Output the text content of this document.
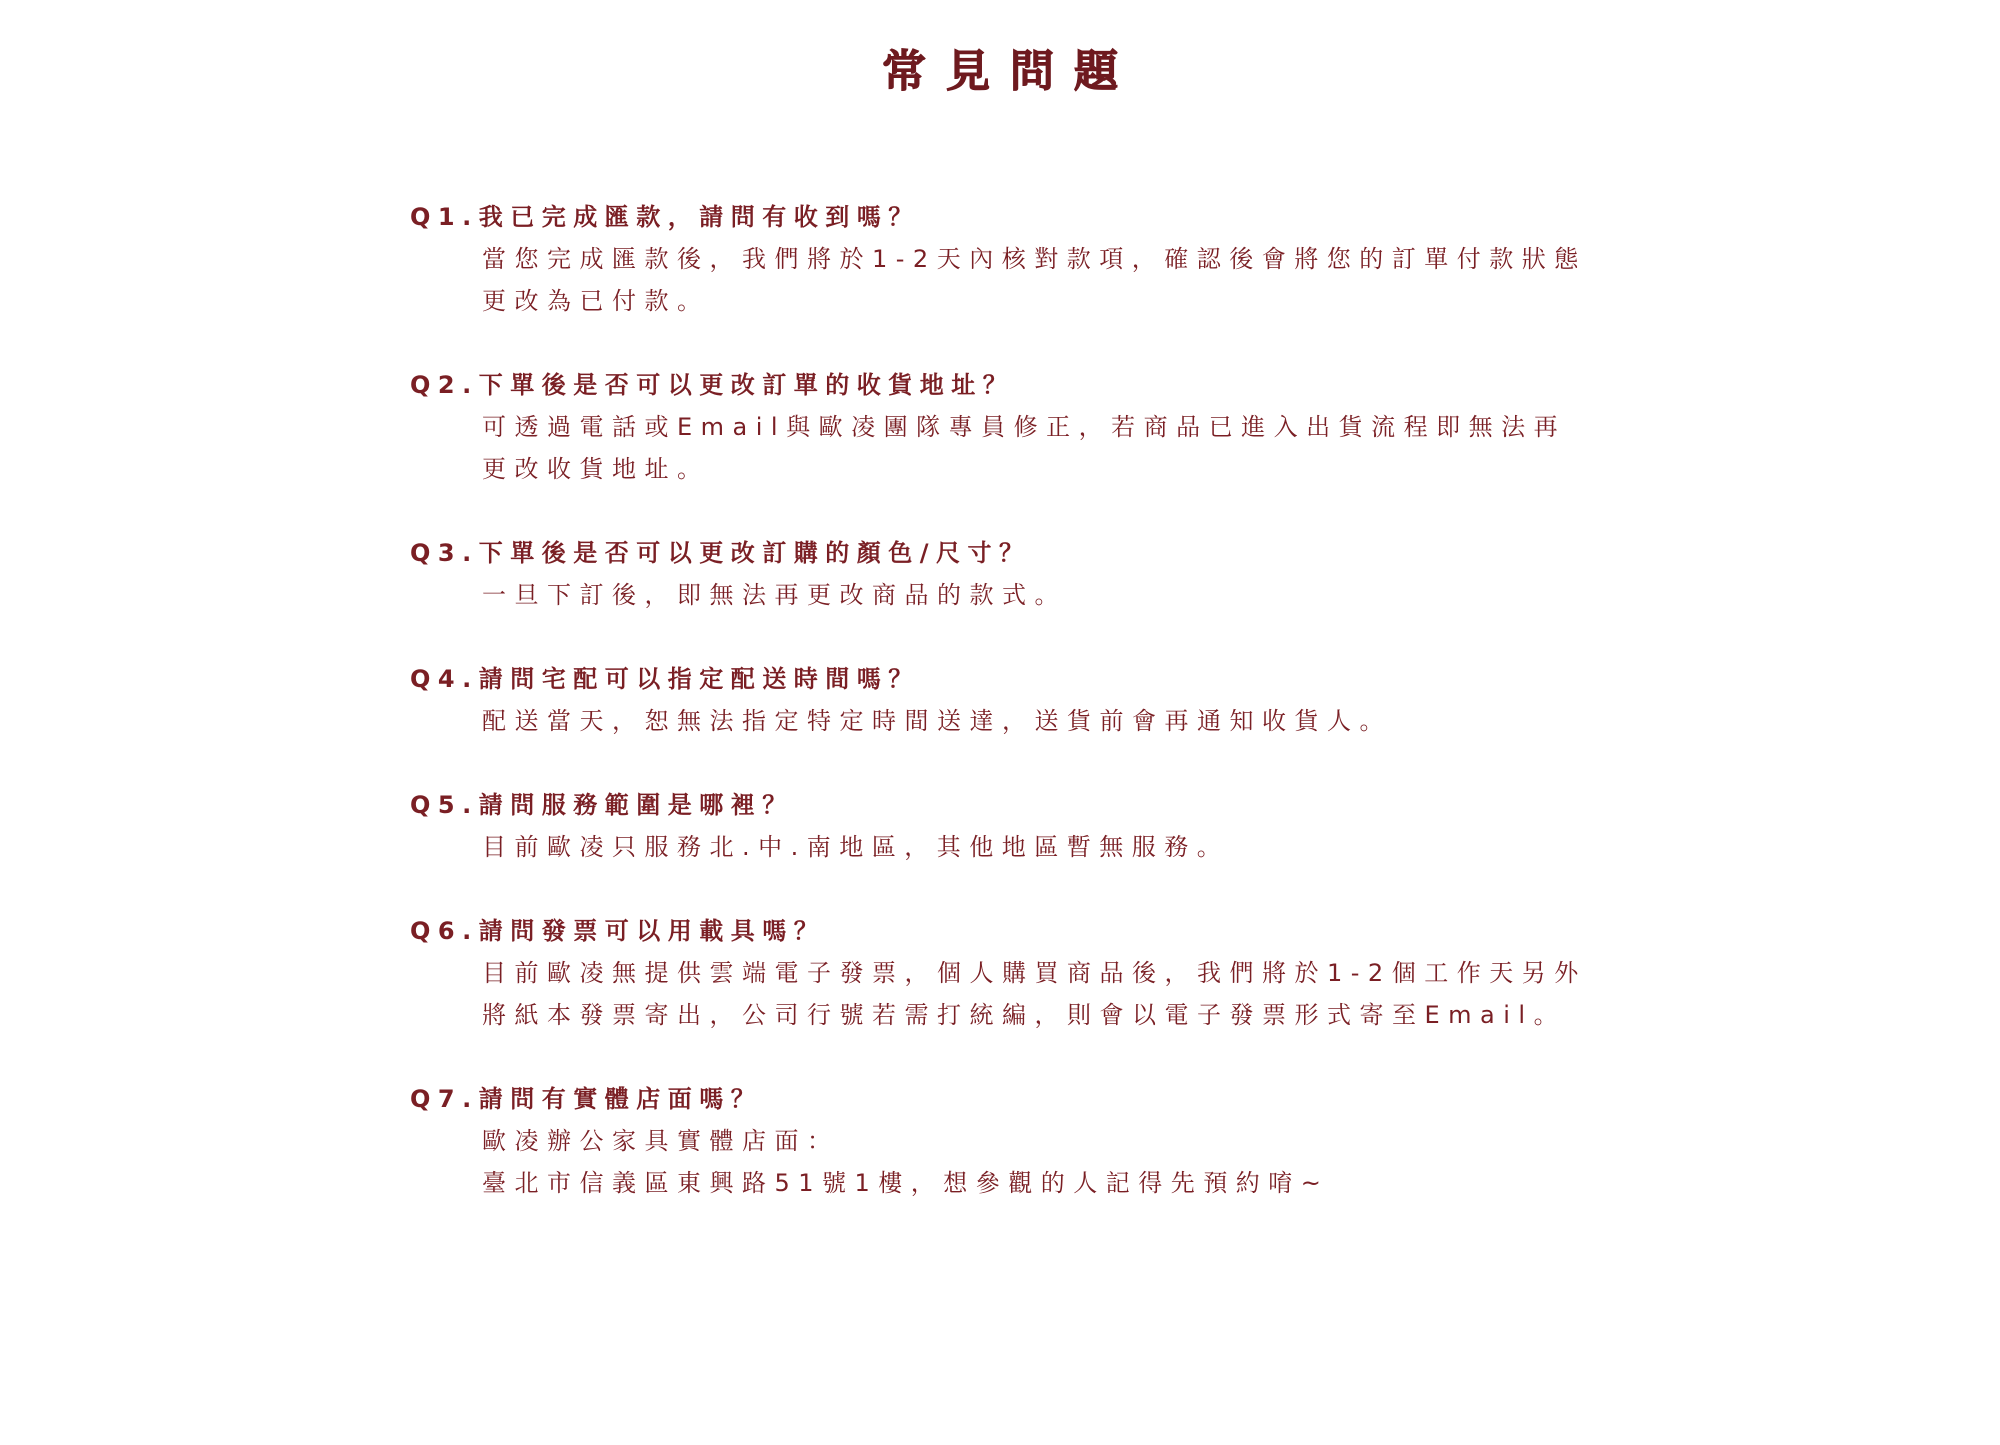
常見問題
Q1.我已完成匯款，請問有收到嗎？
當您完成匯款後，我們將於1-2天內核對款項，確認後會將您的訂單付款狀態
更改為已付款。
Q2.下單後是否可以更改訂單的收貨地址？
可透過電話或Email與歐凌團隊專員修正，若商品已進入出貨流程即無法再
更改收貨地址。
Q3.下單後是否可以更改訂購的顏色/尺寸？
一旦下訂後，即無法再更改商品的款式。
Q4.請問宅配可以指定配送時間嗎？
配送當天，恕無法指定特定時間送達，送貨前會再通知收貨人。
Q5.請問服務範圍是哪裡？
目前歐凌只服務北.中.南地區，其他地區暫無服務。
Q6.請問發票可以用載具嗎？
目前歐凌無提供雲端電子發票，個人購買商品後，我們將於1-2個工作天另外
將紙本發票寄出，公司行號若需打統編，則會以電子發票形式寄至Email。
Q7.請問有實體店面嗎？
歐凌辦公家具實體店面：
臺北市信義區東興路51號1樓，想參觀的人記得先預約唷~
